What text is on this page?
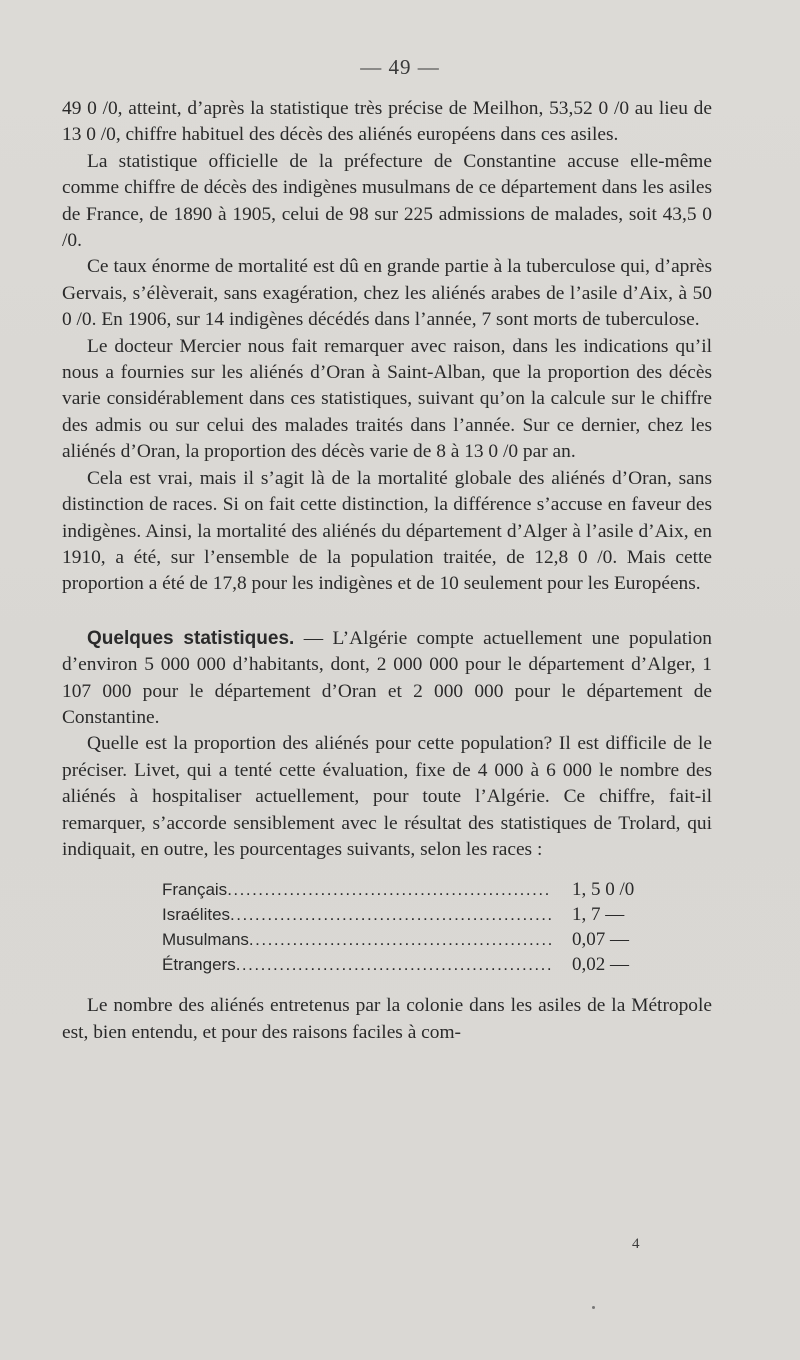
— 49 —

49 0 /0, atteint, d’après la statistique très précise de Meilhon, 53,52 0 /0 au lieu de 13 0 /0, chiffre habituel des décès des aliénés européens dans ces asiles.

La statistique officielle de la préfecture de Constantine accuse elle-même comme chiffre de décès des indigènes musulmans de ce département dans les asiles de France, de 1890 à 1905, celui de 98 sur 225 admissions de malades, soit 43,5 0 /0.

Ce taux énorme de mortalité est dû en grande partie à la tuberculose qui, d’après Gervais, s’élèverait, sans exagération, chez les aliénés arabes de l’asile d’Aix, à 50 0 /0. En 1906, sur 14 indigènes décédés dans l’année, 7 sont morts de tuberculose.

Le docteur Mercier nous fait remarquer avec raison, dans les indications qu’il nous a fournies sur les aliénés d’Oran à Saint-Alban, que la proportion des décès varie considérablement dans ces statistiques, suivant qu’on la calcule sur le chiffre des admis ou sur celui des malades traités dans l’année. Sur ce dernier, chez les aliénés d’Oran, la proportion des décès varie de 8 à 13 0 /0 par an.

Cela est vrai, mais il s’agit là de la mortalité globale des aliénés d’Oran, sans distinction de races. Si on fait cette distinction, la différence s’accuse en faveur des indigènes. Ainsi, la mortalité des aliénés du département d’Alger à l’asile d’Aix, en 1910, a été, sur l’ensemble de la population traitée, de 12,8 0 /0. Mais cette proportion a été de 17,8 pour les indigènes et de 10 seulement pour les Européens.

Quelques statistiques. — L’Algérie compte actuellement une population d’environ 5 000 000 d’habitants, dont, 2 000 000 pour le département d’Alger, 1 107 000 pour le département d’Oran et 2 000 000 pour le département de Constantine.

Quelle est la proportion des aliénés pour cette population? Il est difficile de le préciser. Livet, qui a tenté cette évaluation, fixe de 4 000 à 6 000 le nombre des aliénés à hospitaliser actuellement, pour toute l’Algérie. Ce chiffre, fait-il remarquer, s’accorde sensiblement avec le résultat des statistiques de Trolard, qui indiquait, en outre, les pourcentages suivants, selon les races :

Français .....	1, 5 0 /0
Israélites .....	1, 7 —
Musulmans .....	0,07 —
Étrangers .....	0,02 —

Le nombre des aliénés entretenus par la colonie dans les asiles de la Métropole est, bien entendu, et pour des raisons faciles à com-

4
